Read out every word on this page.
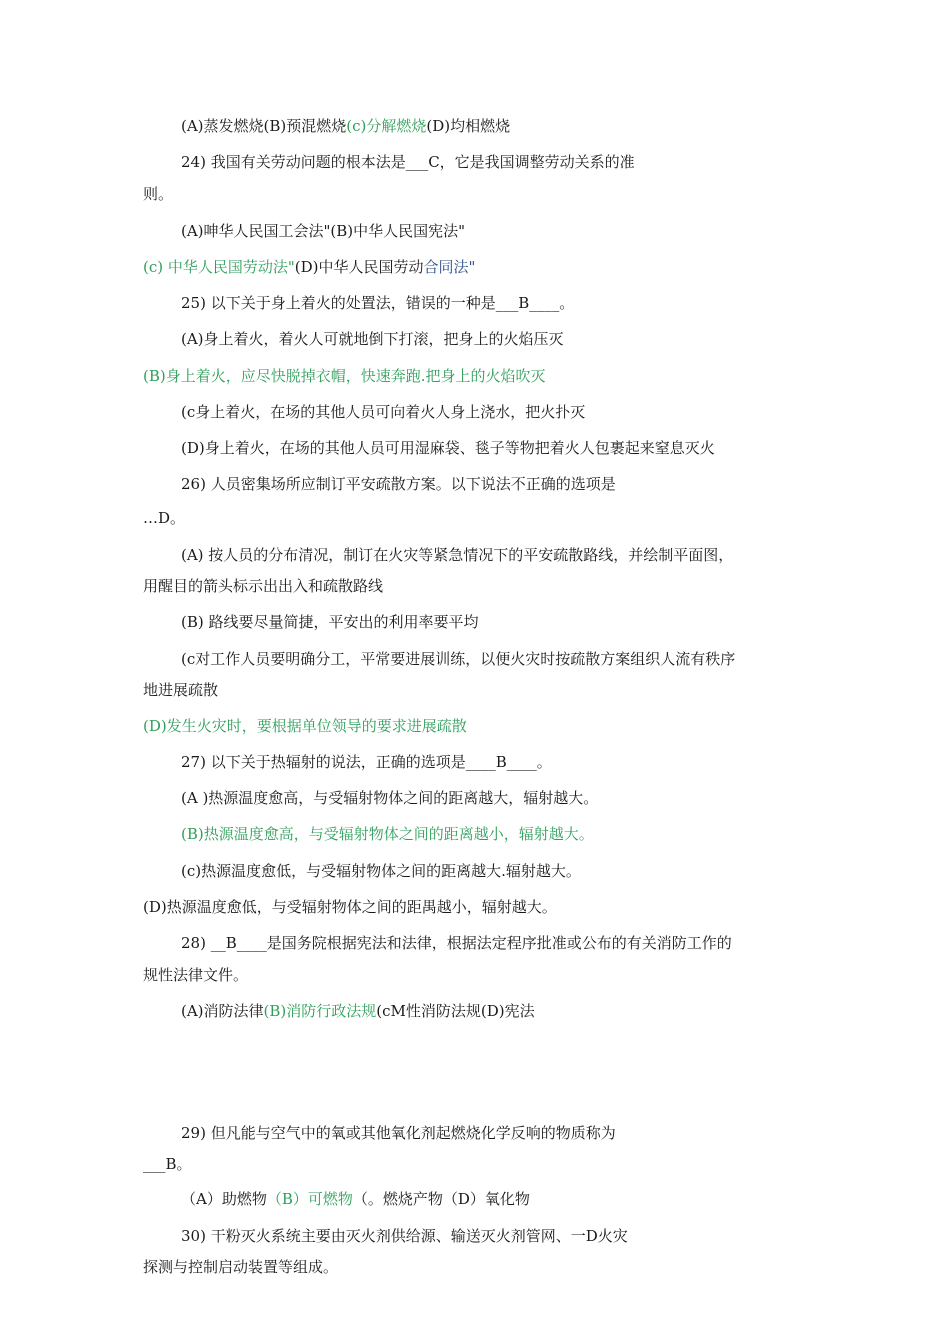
(A)蒸发燃烧(B)预混燃烧(c)分解燃烧(D)均相燃烧
24) 我国有关劳动问题的根本法是___C，它是我国调整劳动关系的准
则。
(A)呻华人民国工会法"(B)中华人民国宪法"
(c) 中华人民国劳动法"(D)中华人民国劳动合同法"
25) 以下关于身上着火的处置法，错误的一种是___B____。
(A)身上着火，着火人可就地倒下打滚，把身上的火焰压灭
(B)身上着火，应尽快脱掉衣帽，快速奔跑.把身上的火焰吹灭
(c身上着火，在场的其他人员可向着火人身上浇水，把火扑灭
(D)身上着火，在场的其他人员可用湿麻袋、毯子等物把着火人包裹起来窒息灭火
26) 人员密集场所应制订平安疏散方案。以下说法不正确的选项是
…D。
(A) 按人员的分布清况，制订在火灾等紧急情况下的平安疏散路线，并绘制平面图，
用醒目的箭头标示出出入和疏散路线
(B) 路线要尽量简捷，平安出的利用率要平均
(c对工作人员要明确分工，平常要进展训练，以便火灾时按疏散方案组织人流有秩序
地进展疏散
(D)发生火灾时，要根据单位领导的要求进展疏散
27) 以下关于热辐射的说法，正确的选项是____B____。
(A )热源温度愈高，与受辐射物体之间的距离越大，辐射越大。
(B)热源温度愈高，与受辐射物体之间的距离越小，辐射越大。
(c)热源温度愈低，与受辐射物体之间的距离越大.辐射越大。
(D)热源温度愈低，与受辐射物体之间的距禺越小，辐射越大。
28) __B____是国务院根据宪法和法律，根据法定程序批准或公布的有关消防工作的
规性法律文件。
(A)消防法律(B)消防行政法规(cM性消防法规(D)宪法
29) 但凡能与空气中的氧或其他氧化剂起燃烧化学反响的物质称为
___B。
（A）助燃物（B）可燃物（。燃烧产物（D）氧化物
30) 干粉灭火系统主要由灭火剂供给源、输送灭火剂管网、一D火灾
探测与控制启动装置等组成。
